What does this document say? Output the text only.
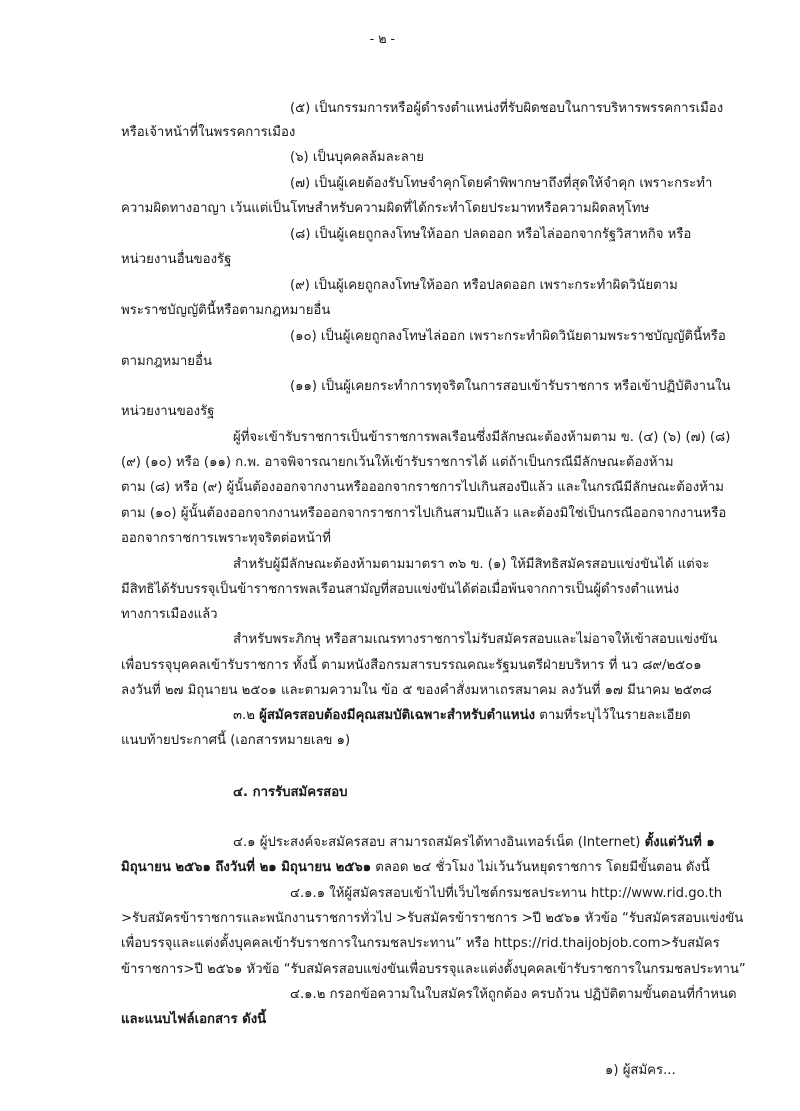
- ๒ -
(๕) เป็นกรรมการหรือผู้ดำรงตำแหน่งที่รับผิดชอบในการบริหารพรรคการเมือง
หรือเจ้าหน้าที่ในพรรคการเมือง
(๖) เป็นบุคคลล้มละลาย
(๗) เป็นผู้เคยต้องรับโทษจำคุกโดยคำพิพากษาถึงที่สุดให้จำคุก เพราะกระทำ
ความผิดทางอาญา เว้นแต่เป็นโทษสำหรับความผิดที่ได้กระทำโดยประมาทหรือความผิดลหุโทษ
(๘) เป็นผู้เคยถูกลงโทษให้ออก ปลดออก หรือไล่ออกจากรัฐวิสาหกิจ หรือ
หน่วยงานอื่นของรัฐ
(๙) เป็นผู้เคยถูกลงโทษให้ออก หรือปลดออก เพราะกระทำผิดวินัยตาม
พระราชบัญญัตินี้หรือตามกฎหมายอื่น
(๑๐) เป็นผู้เคยถูกลงโทษไล่ออก เพราะกระทำผิดวินัยตามพระราชบัญญัตินี้หรือ
ตามกฎหมายอื่น
(๑๑) เป็นผู้เคยกระทำการทุจริตในการสอบเข้ารับราชการ หรือเข้าปฏิบัติงานใน
หน่วยงานของรัฐ
ผู้ที่จะเข้ารับราชการเป็นข้าราชการพลเรือนซึ่งมีลักษณะต้องห้ามตาม ข. (๔) (๖) (๗) (๘)
(๙) (๑๐) หรือ (๑๑) ก.พ. อาจพิจารณายกเว้นให้เข้ารับราชการได้ แต่ถ้าเป็นกรณีมีลักษณะต้องห้าม
ตาม (๘) หรือ (๙) ผู้นั้นต้องออกจากงานหรือออกจากราชการไปเกินสองปีแล้ว และในกรณีมีลักษณะต้องห้าม
ตาม (๑๐) ผู้นั้นต้องออกจากงานหรือออกจากราชการไปเกินสามปีแล้ว และต้องมิใช่เป็นกรณีออกจากงานหรือ
ออกจากราชการเพราะทุจริตต่อหน้าที่
สำหรับผู้มีลักษณะต้องห้ามตามมาตรา ๓๖ ข. (๑) ให้มีสิทธิสมัครสอบแข่งขันได้ แต่จะ
มีสิทธิได้รับบรรจุเป็นข้าราชการพลเรือนสามัญที่สอบแข่งขันได้ต่อเมื่อพ้นจากการเป็นผู้ดำรงตำแหน่ง
ทางการเมืองแล้ว
สำหรับพระภิกษุ หรือสามเณรทางราชการไม่รับสมัครสอบและไม่อาจให้เข้าสอบแข่งขัน
เพื่อบรรจุบุคคลเข้ารับราชการ ทั้งนี้ ตามหนังสือกรมสารบรรณคณะรัฐมนตรีฝ่ายบริหาร ที่ นว ๘๙/๒๕๐๑
ลงวันที่ ๒๗ มิถุนายน ๒๕๐๑ และตามความใน ข้อ ๕ ของคำสั่งมหาเถรสมาคม ลงวันที่ ๑๗ มีนาคม ๒๕๓๘
๓.๒ ผู้สมัครสอบต้องมีคุณสมบัติเฉพาะสำหรับตำแหน่ง ตามที่ระบุไว้ในรายละเอียด
แนบท้ายประกาศนี้ (เอกสารหมายเลข ๑)
๔. การรับสมัครสอบ
๔.๑ ผู้ประสงค์จะสมัครสอบ สามารถสมัครได้ทางอินเทอร์เน็ต (Internet) ตั้งแต่วันที่ ๑
มิถุนายน ๒๕๖๑ ถึงวันที่ ๒๑ มิถุนายน ๒๕๖๑ ตลอด ๒๔ ชั่วโมง ไม่เว้นวันหยุดราชการ โดยมีขั้นตอน ดังนี้
๔.๑.๑ ให้ผู้สมัครสอบเข้าไปที่เว็บไซต์กรมชลประทาน http://www.rid.go.th
>รับสมัครข้าราชการและพนักงานราชการทั่วไป >รับสมัครข้าราชการ >ปี ๒๕๖๑ หัวข้อ “รับสมัครสอบแข่งขัน
เพื่อบรรจุและแต่งตั้งบุคคลเข้ารับราชการในกรมชลประทาน” หรือ https://rid.thaijobjob.com>รับสมัคร
ข้าราชการ>ปี ๒๕๖๑ หัวข้อ “รับสมัครสอบแข่งขันเพื่อบรรจุและแต่งตั้งบุคคลเข้ารับราชการในกรมชลประทาน”
๔.๑.๒ กรอกข้อความในใบสมัครให้ถูกต้อง ครบถ้วน ปฏิบัติตามขั้นตอนที่กำหนด
และแนบไฟล์เอกสาร ดังนี้
๑) ผู้สมัคร...
